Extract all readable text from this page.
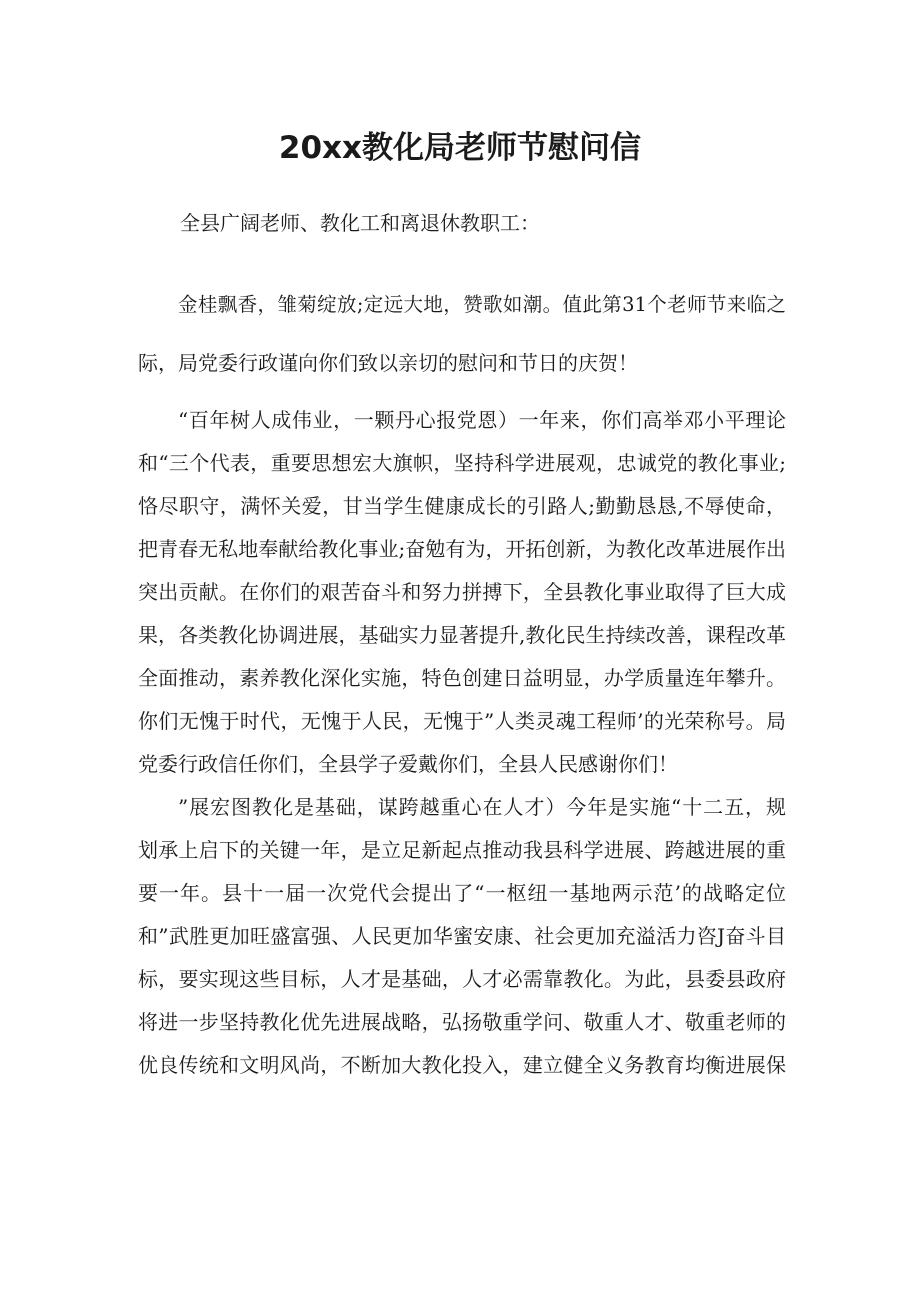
20xx教化局老师节慰问信
全县广阔老师、教化工和离退休教职工：
金桂飘香，雏菊绽放;定远大地，赞歌如潮。值此第31个老师节来临之
际，局党委行政谨向你们致以亲切的慰问和节日的庆贺！
“百年树人成伟业，一颗丹心报党恩）一年来，你们高举邓小平理论
和“三个代表，重要思想宏大旗帜，坚持科学进展观，忠诚党的教化事业;
恪尽职守，满怀关爱，甘当学生健康成长的引路人;勤勤恳恳,不辱使命，
把青春无私地奉献给教化事业;奋勉有为，开拓创新，为教化改革进展作出
突出贡献。在你们的艰苦奋斗和努力拼搏下，全县教化事业取得了巨大成
果，各类教化协调进展，基础实力显著提升,教化民生持续改善，课程改革
全面推动，素养教化深化实施，特色创建日益明显，办学质量连年攀升。
你们无愧于时代，无愧于人民，无愧于”人类灵魂工程师’的光荣称号。局
党委行政信任你们，全县学子爱戴你们，全县人民感谢你们！
”展宏图教化是基础，谋跨越重心在人才）今年是实施“十二五，规
划承上启下的关键一年，是立足新起点推动我县科学进展、跨越进展的重
要一年。县十一届一次党代会提出了“一枢纽一基地两示范’的战略定位
和”武胜更加旺盛富强、人民更加华蜜安康、社会更加充溢活力咨J奋斗目
标，要实现这些目标，人才是基础，人才必需靠教化。为此，县委县政府
将进一步坚持教化优先进展战略，弘扬敬重学问、敬重人才、敬重老师的
优良传统和文明风尚，不断加大教化投入，建立健全义务教育均衡进展保
